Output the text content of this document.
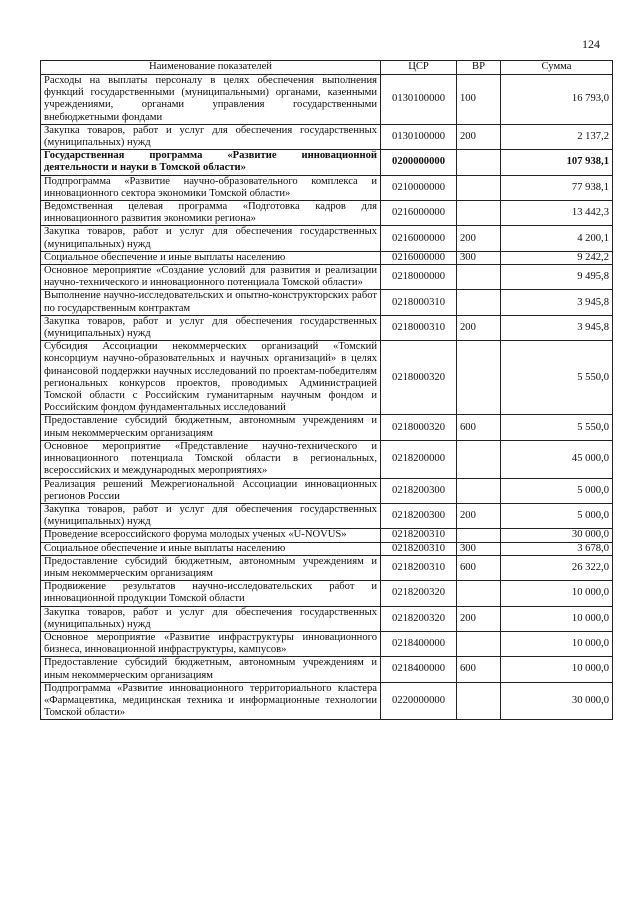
124
Наименование показателей	ЦСР	ВР	Сумма
Расходы на выплаты персоналу в целях обеспечения выполнения функций государственными (муниципальными) органами, казенными учреждениями, органами управления государственными внебюджетными фондами	0130100000	100	16 793,0
Закупка товаров, работ и услуг для обеспечения государственных (муниципальных) нужд	0130100000	200	2 137,2
Государственная программа «Развитие инновационной деятельности и науки в Томской области»	0200000000		107 938,1
Подпрограмма «Развитие научно-образовательного комплекса и инновационного сектора экономики Томской области»	0210000000		77 938,1
Ведомственная целевая программа «Подготовка кадров для инновационного развития экономики региона»	0216000000		13 442,3
Закупка товаров, работ и услуг для обеспечения государственных (муниципальных) нужд	0216000000	200	4 200,1
Социальное обеспечение и иные выплаты населению	0216000000	300	9 242,2
Основное мероприятие «Создание условий для развития и реализации научно-технического и инновационного потенциала Томской области»	0218000000		9 495,8
Выполнение научно-исследовательских и опытно-конструкторских работ по государственным контрактам	0218000310		3 945,8
Закупка товаров, работ и услуг для обеспечения государственных (муниципальных) нужд	0218000310	200	3 945,8
Субсидия Ассоциации некоммерческих организаций «Томский консорциум научно-образовательных и научных организаций» в целях финансовой поддержки научных исследований по проектам-победителям региональных конкурсов проектов, проводимых Администрацией Томской области с Российским гуманитарным научным фондом и Российским фондом фундаментальных исследований	0218000320		5 550,0
Предоставление субсидий бюджетным, автономным учреждениям и иным некоммерческим организациям	0218000320	600	5 550,0
Основное мероприятие «Представление научно-технического и инновационного потенциала Томской области в региональных, всероссийских и международных мероприятиях»	0218200000		45 000,0
Реализация решений Межрегиональной Ассоциации инновационных регионов России	0218200300		5 000,0
Закупка товаров, работ и услуг для обеспечения государственных (муниципальных) нужд	0218200300	200	5 000,0
Проведение всероссийского форума молодых ученых «U-NOVUS»	0218200310		30 000,0
Социальное обеспечение и иные выплаты населению	0218200310	300	3 678,0
Предоставление субсидий бюджетным, автономным учреждениям и иным некоммерческим организациям	0218200310	600	26 322,0
Продвижение результатов научно-исследовательских работ и инновационной продукции Томской области	0218200320		10 000,0
Закупка товаров, работ и услуг для обеспечения государственных (муниципальных) нужд	0218200320	200	10 000,0
Основное мероприятие «Развитие инфраструктуры инновационного бизнеса, инновационной инфраструктуры, кампусов»	0218400000		10 000,0
Предоставление субсидий бюджетным, автономным учреждениям и иным некоммерческим организациям	0218400000	600	10 000,0
Подпрограмма «Развитие инновационного территориального кластера «Фармацевтика, медицинская техника и информационные технологии Томской области»	0220000000		30 000,0
